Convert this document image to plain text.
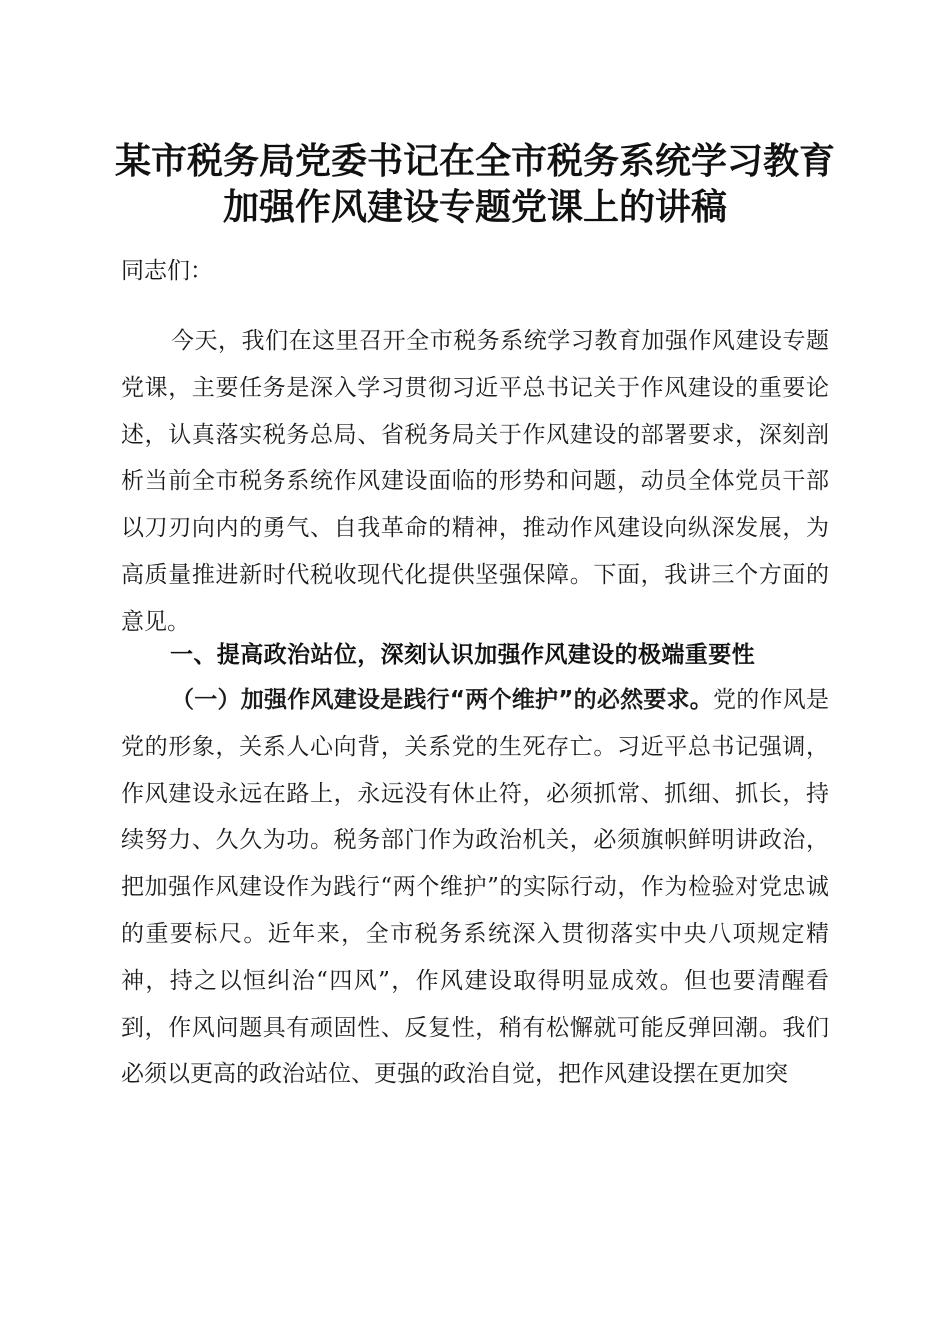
某市税务局党委书记在全市税务系统学习教育
加强作风建设专题党课上的讲稿
同志们：
今天，我们在这里召开全市税务系统学习教育加强作风建设专题党课，主要任务是深入学习贯彻习近平总书记关于作风建设的重要论述，认真落实税务总局、省税务局关于作风建设的部署要求，深刻剖析当前全市税务系统作风建设面临的形势和问题，动员全体党员干部以刀刃向内的勇气、自我革命的精神，推动作风建设向纵深发展，为高质量推进新时代税收现代化提供坚强保障。下面，我讲三个方面的意见。
一、提高政治站位，深刻认识加强作风建设的极端重要性
（一）加强作风建设是践行“两个维护”的必然要求。党的作风是党的形象，关系人心向背，关系党的生死存亡。习近平总书记强调，作风建设永远在路上，永远没有休止符，必须抓常、抓细、抓长，持续努力、久久为功。税务部门作为政治机关，必须旗帜鲜明讲政治，把加强作风建设作为践行“两个维护”的实际行动，作为检验对党忠诚的重要标尺。近年来，全市税务系统深入贯彻落实中央八项规定精神，持之以恒纠治“四风”，作风建设取得明显成效。但也要清醒看到，作风问题具有顽固性、反复性，稍有松懈就可能反弹回潮。我们必须以更高的政治站位、更强的政治自觉，把作风建设摆在更加突
